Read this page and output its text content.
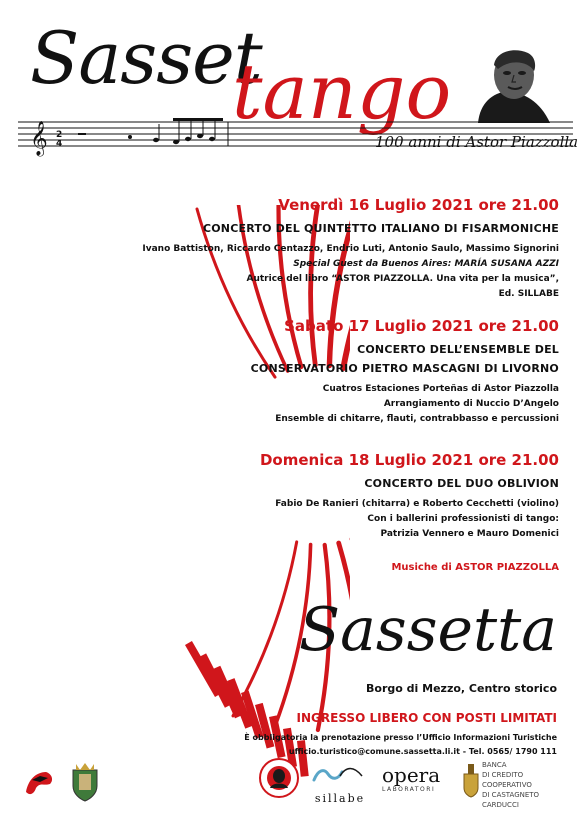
Sasset
tango
𝄞 2
4	100 anni di Astor Piazzolla
Venerdì 16 Luglio 2021 ore 21.00
CONCERTO DEL QUINTETTO ITALIANO DI FISARMONICHE
Ivano Battiston, Riccardo Centazzo, Endrio Luti, Antonio Saulo, Massimo Signorini
Special Guest da Buenos Aires: MARÍA SUSANA AZZI
Autrice del libro “ASTOR PIAZZOLLA. Una vita per la musica”,
Ed. SILLABE
Sabato 17 Luglio 2021 ore 21.00
CONCERTO DELL’ENSEMBLE DEL
CONSERVATORIO PIETRO MASCAGNI DI LIVORNO
Cuatros Estaciones Porteñas di Astor Piazzolla
Arrangiamento di Nuccio D’Angelo
Ensemble di chitarre, flauti, contrabbasso e percussioni
Domenica 18 Luglio 2021 ore 21.00
CONCERTO DEL DUO OBLIVION
Fabio De Ranieri (chitarra) e Roberto Cecchetti (violino)
Con i ballerini professionisti di tango:
Patrizia Vennero e Mauro Domenici
Musiche di ASTOR PIAZZOLLA
Sassetta
Borgo di Mezzo, Centro storico
INGRESSO LIBERO CON POSTI LIMITATI
È obbligatoria la prenotazione presso l’Ufficio Informazioni Turistiche
ufficio.turistico@comune.sassetta.li.it - Tel. 0565/ 1790 111
sillabe
opera
LABORATORI
BANCA
DI CREDITO COOPERATIVO
DI CASTAGNETO CARDUCCI
